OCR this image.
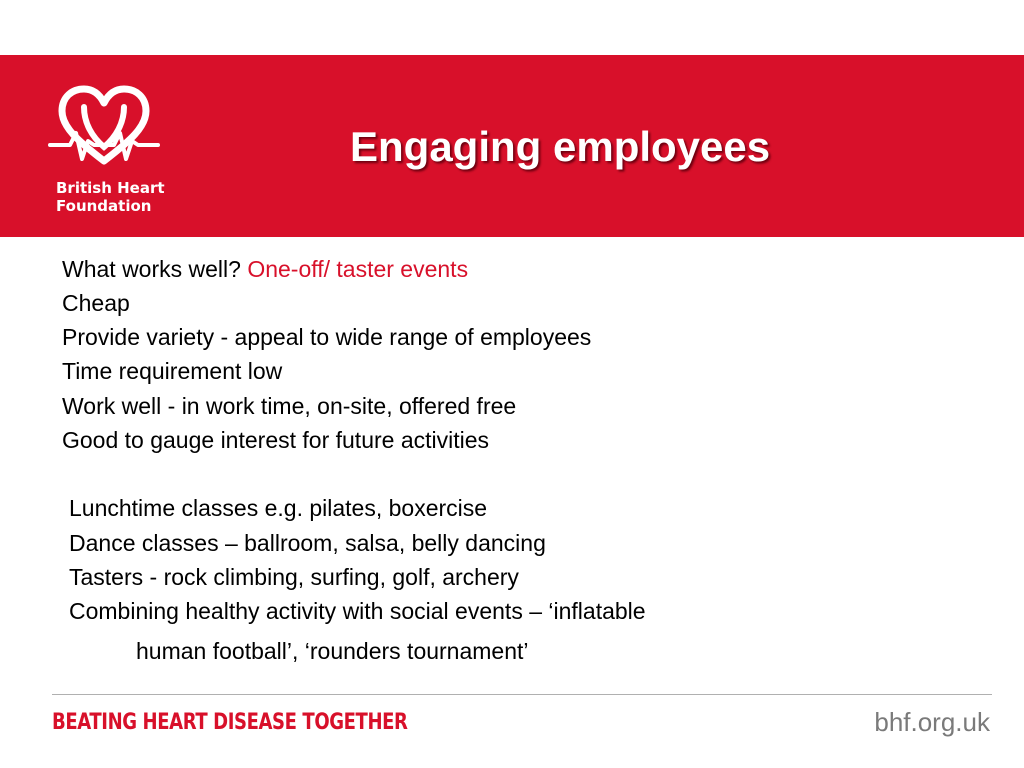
British Heart
Foundation
Engaging employees
What works well? One-off/ taster events
Cheap
Provide variety - appeal to wide range of employees
Time requirement low
Work well - in work time, on-site, offered free
Good to gauge interest for future activities
Lunchtime classes e.g. pilates, boxercise
Dance classes – ballroom, salsa, belly dancing
Tasters - rock climbing, surfing, golf, archery
Combining healthy activity with social events – ‘inflatable
human football’, ‘rounders tournament’
BEATING HEART DISEASE TOGETHER	bhf.org.uk
